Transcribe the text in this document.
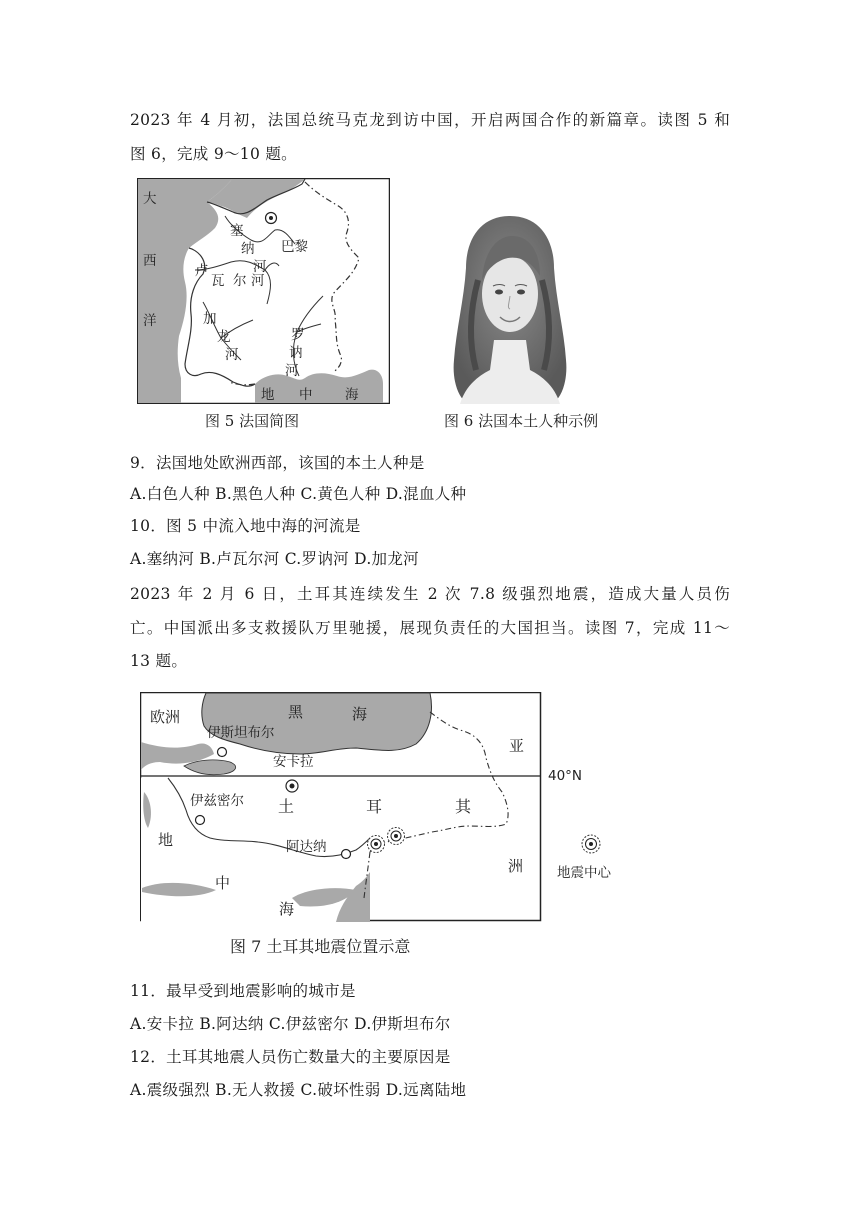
2023 年 4 月初，法国总统马克龙到访中国，开启两国合作的新篇章。读图 5 和
图 6，完成 9～10 题。
大
西
洋
塞
纳
河
巴黎
卢
瓦 尔 河
加
龙
河
罗
讷
河
地 中 海
图 5 法国简图	图 6 法国本土人种示例
9．法国地处欧洲西部，该国的本土人种是
A.白色人种 B.黑色人种 C.黄色人种 D.混血人种
10．图 5 中流入地中海的河流是
A.塞纳河 B.卢瓦尔河 C.罗讷河 D.加龙河
2023 年 2 月 6 日，土耳其连续发生 2 次 7.8 级强烈地震，造成大量人员伤
亡。中国派出多支救援队万里驰援，展现负责任的大国担当。读图 7，完成 11～
13 题。
欧洲	黑	海
伊斯坦布尔
安卡拉
亚
伊兹密尔 土	耳	其
阿达纳
地
中
海
洲
40°N
地震中心
图 7 土耳其地震位置示意
11．最早受到地震影响的城市是
A.安卡拉 B.阿达纳 C.伊兹密尔 D.伊斯坦布尔
12．土耳其地震人员伤亡数量大的主要原因是
A.震级强烈 B.无人救援 C.破坏性弱 D.远离陆地
